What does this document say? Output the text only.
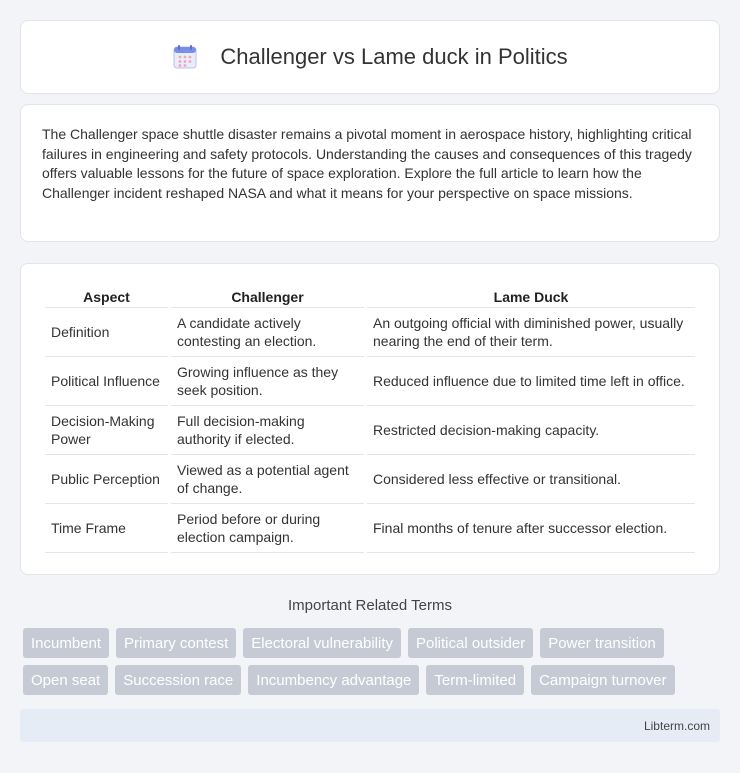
Challenger vs Lame duck in Politics

The Challenger space shuttle disaster remains a pivotal moment in aerospace history, highlighting critical failures in engineering and safety protocols. Understanding the causes and consequences of this tragedy offers valuable lessons for the future of space exploration. Explore the full article to learn how the Challenger incident reshaped NASA and what it means for your perspective on space missions.

Aspect	Challenger	Lame Duck
Definition	A candidate actively contesting an election.	An outgoing official with diminished power, usually nearing the end of their term.
Political Influence	Growing influence as they seek position.	Reduced influence due to limited time left in office.
Decision-Making Power	Full decision-making authority if elected.	Restricted decision-making capacity.
Public Perception	Viewed as a potential agent of change.	Considered less effective or transitional.
Time Frame	Period before or during election campaign.	Final months of tenure after successor election.
Important Related Terms
Incumbent	Primary contest	Electoral vulnerability	Political outsider	Power transition
Open seat	Succession race	Incumbency advantage	Term-limited	Campaign turnover
Libterm.com
